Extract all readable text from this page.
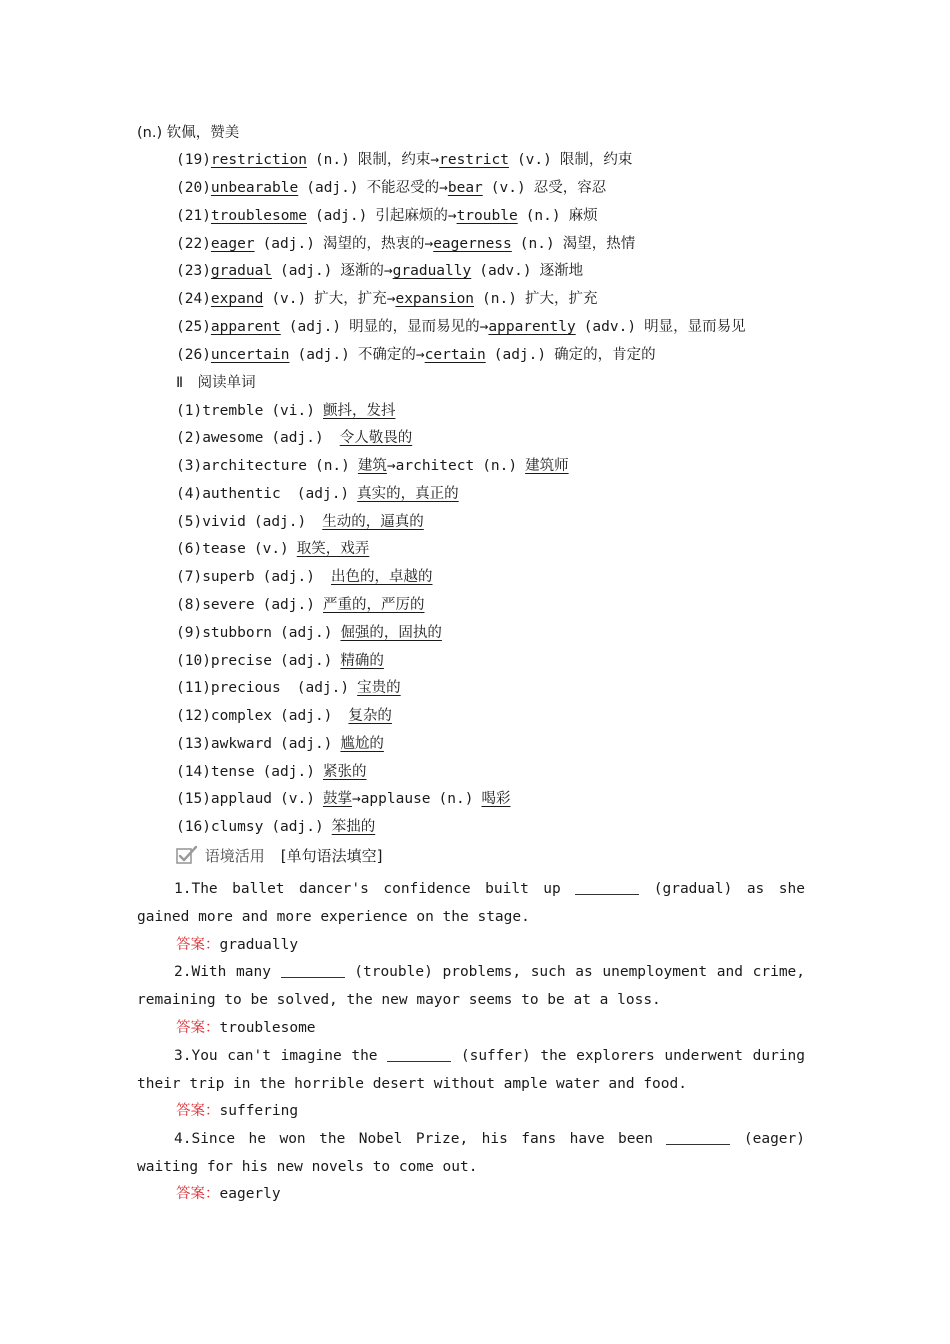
(n.) 钦佩，赞美
(19)restriction (n.) 限制，约束→restrict (v.) 限制，约束
(20)unbearable (adj.) 不能忍受的→bear (v.) 忍受，容忍
(21)troublesome (adj.) 引起麻烦的→trouble (n.) 麻烦
(22)eager (adj.) 渴望的，热衷的→eagerness (n.) 渴望，热情
(23)gradual (adj.) 逐渐的→gradually (adv.) 逐渐地
(24)expand (v.) 扩大，扩充→expansion (n.) 扩大，扩充
(25)apparent (adj.) 明显的，显而易见的→apparently (adv.) 明显，显而易见
(26)uncertain (adj.) 不确定的→certain (adj.) 确定的，肯定的
Ⅱ　阅读单词
(1)tremble (vi.) 颤抖，发抖
(2)awesome (adj.) 令人敬畏的
(3)architecture (n.) 建筑→architect (n.) 建筑师
(4)authentic (adj.) 真实的，真正的
(5)vivid (adj.) 生动的，逼真的
(6)tease (v.) 取笑，戏弄
(7)superb (adj.) 出色的，卓越的
(8)severe (adj.) 严重的，严厉的
(9)stubborn (adj.) 倔强的，固执的
(10)precise (adj.) 精确的
(11)precious (adj.) 宝贵的
(12)complex (adj.) 复杂的
(13)awkward (adj.) 尴尬的
(14)tense (adj.) 紧张的
(15)applaud (v.) 鼓掌→applause (n.) 喝彩
(16)clumsy (adj.) 笨拙的
语境活用 [单句语法填空]

1.The ballet dancer's confidence built up	(gradual) as she gained more and more experience on the stage.

答案：gradually

2.With many	(trouble) problems, such as unemployment and crime, remaining to be solved, the new mayor seems to be at a loss.

答案：troublesome

3.You can't imagine the	(suffer) the explorers underwent during their trip in the horrible desert without ample water and food.

答案：suffering

4.Since he won the Nobel Prize, his fans have been	(eager) waiting for his new novels to come out.

答案：eagerly
